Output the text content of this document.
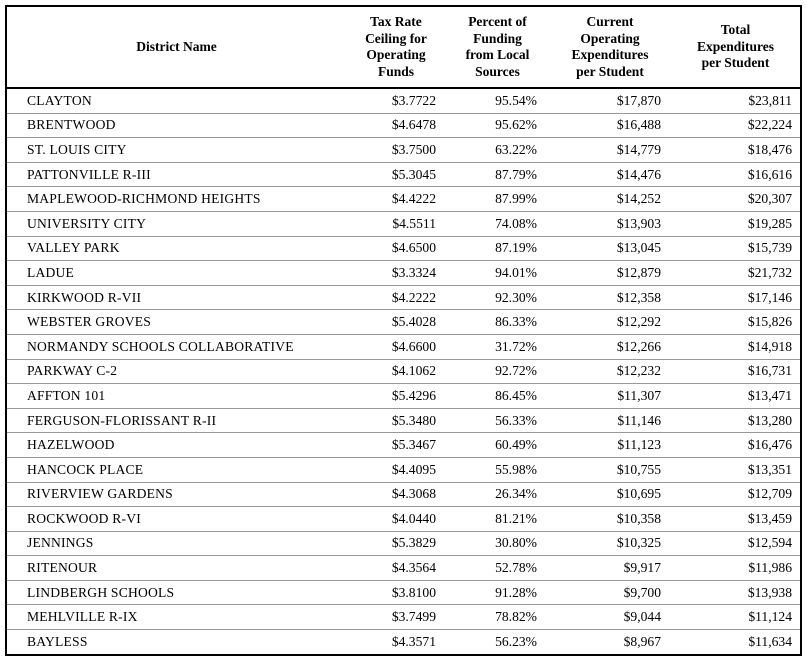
District Name	Tax Rate
Ceiling for
Operating
Funds	Percent of
Funding
from Local
Sources	Current
Operating
Expenditures
per Student	Total
Expenditures
per Student
CLAYTON	$3.7722	95.54%	$17,870	$23,811
BRENTWOOD	$4.6478	95.62%	$16,488	$22,224
ST. LOUIS CITY	$3.7500	63.22%	$14,779	$18,476
PATTONVILLE R-III	$5.3045	87.79%	$14,476	$16,616
MAPLEWOOD-RICHMOND HEIGHTS	$4.4222	87.99%	$14,252	$20,307
UNIVERSITY CITY	$4.5511	74.08%	$13,903	$19,285
VALLEY PARK	$4.6500	87.19%	$13,045	$15,739
LADUE	$3.3324	94.01%	$12,879	$21,732
KIRKWOOD R-VII	$4.2222	92.30%	$12,358	$17,146
WEBSTER GROVES	$5.4028	86.33%	$12,292	$15,826
NORMANDY SCHOOLS COLLABORATIVE	$4.6600	31.72%	$12,266	$14,918
PARKWAY C-2	$4.1062	92.72%	$12,232	$16,731
AFFTON 101	$5.4296	86.45%	$11,307	$13,471
FERGUSON-FLORISSANT R-II	$5.3480	56.33%	$11,146	$13,280
HAZELWOOD	$5.3467	60.49%	$11,123	$16,476
HANCOCK PLACE	$4.4095	55.98%	$10,755	$13,351
RIVERVIEW GARDENS	$4.3068	26.34%	$10,695	$12,709
ROCKWOOD R-VI	$4.0440	81.21%	$10,358	$13,459
JENNINGS	$5.3829	30.80%	$10,325	$12,594
RITENOUR	$4.3564	52.78%	$9,917	$11,986
LINDBERGH SCHOOLS	$3.8100	91.28%	$9,700	$13,938
MEHLVILLE R-IX	$3.7499	78.82%	$9,044	$11,124
BAYLESS	$4.3571	56.23%	$8,967	$11,634
